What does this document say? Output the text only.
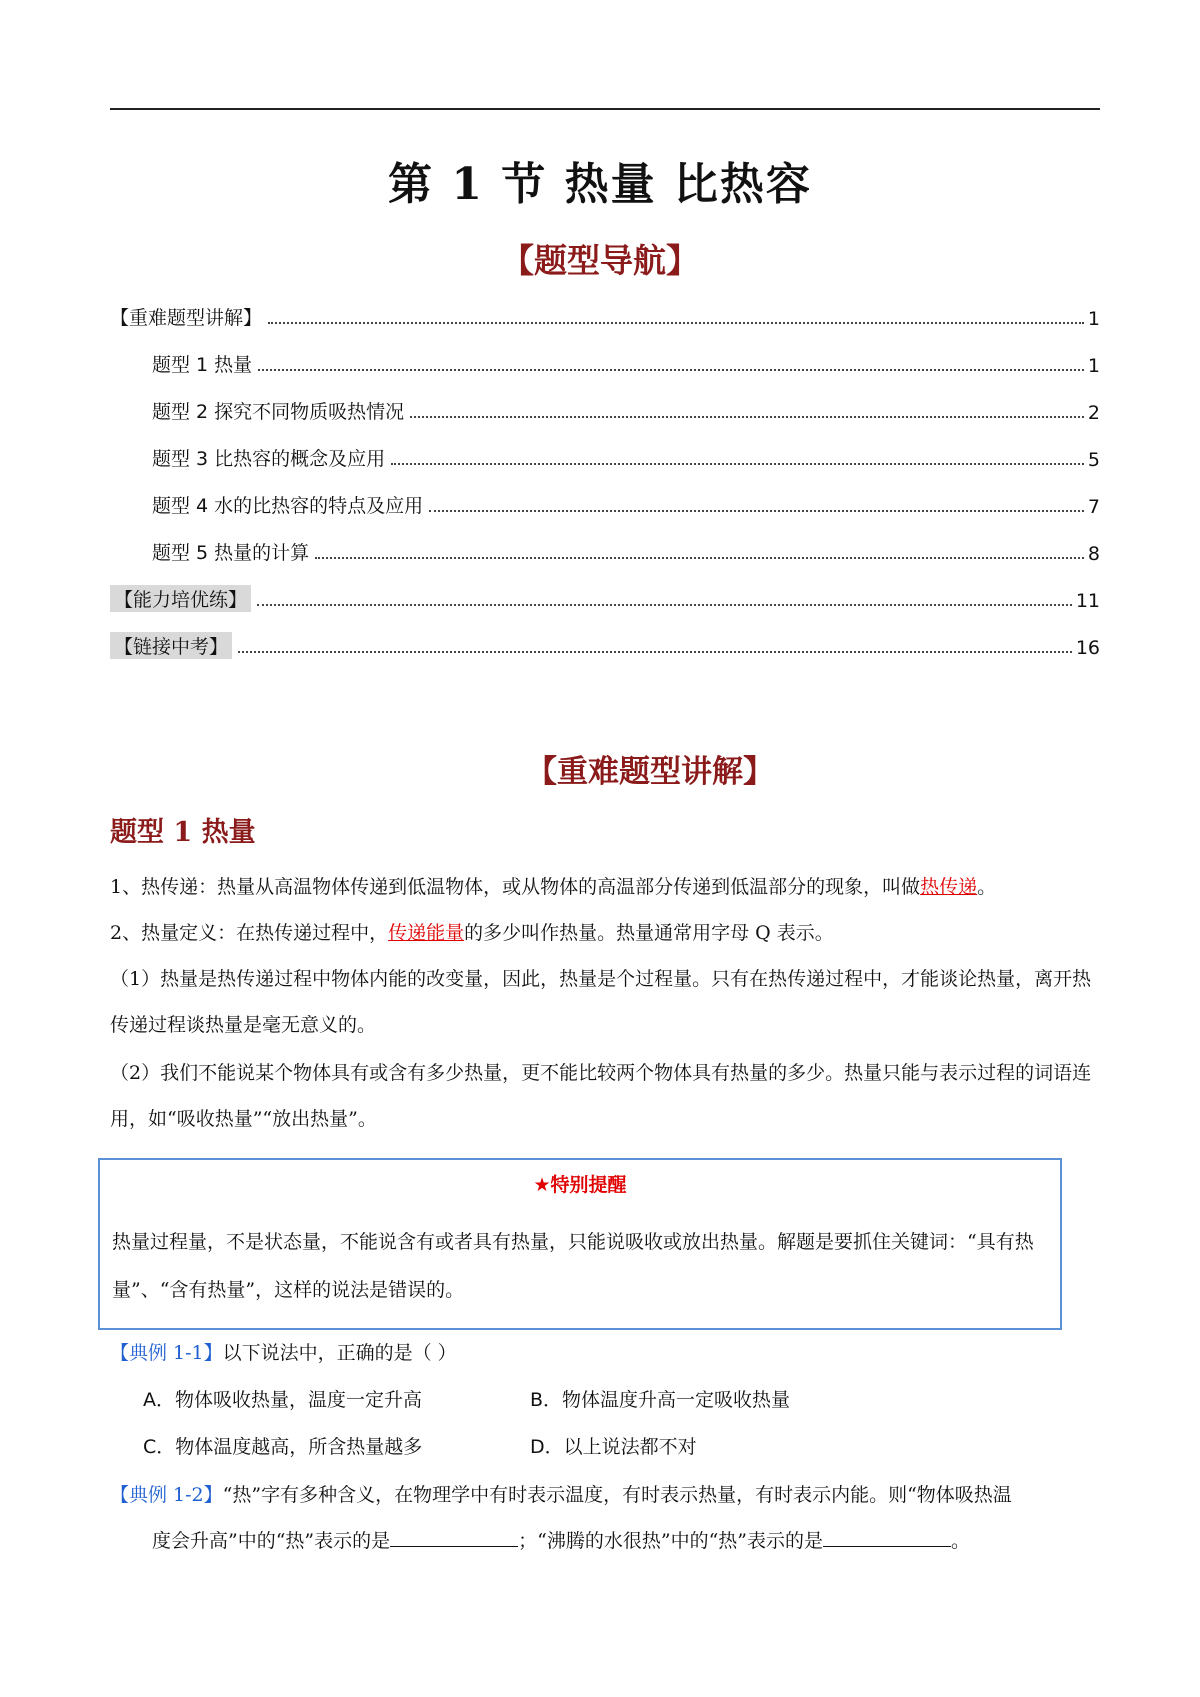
第 1 节 热量 比热容
【题型导航】
【重难题型讲解】	1
题型 1 热量	1
题型 2 探究不同物质吸热情况	2
题型 3 比热容的概念及应用	5
题型 4 水的比热容的特点及应用	7
题型 5 热量的计算	8
【能力培优练】	11
【链接中考】	16
【重难题型讲解】
题型 1 热量
1、热传递：热量从高温物体传递到低温物体，或从物体的高温部分传递到低温部分的现象，叫做热传递。
2、热量定义：在热传递过程中，传递能量的多少叫作热量。热量通常用字母 Q 表示。
（1）热量是热传递过程中物体内能的改变量，因此，热量是个过程量。只有在热传递过程中，才能谈论热量，离开热传递过程谈热量是毫无意义的。
（2）我们不能说某个物体具有或含有多少热量，更不能比较两个物体具有热量的多少。热量只能与表示过程的词语连用，如“吸收热量”“放出热量”。
★特别提醒
热量过程量，不是状态量，不能说含有或者具有热量，只能说吸收或放出热量。解题是要抓住关键词：“具有热量”、“含有热量”，这样的说法是错误的。
【典例 1-1】以下说法中，正确的是（ ）
A．物体吸收热量，温度一定升高	B．物体温度升高一定吸收热量
C．物体温度越高，所含热量越多	D．以上说法都不对
【典例 1-2】“热”字有多种含义，在物理学中有时表示温度，有时表示热量，有时表示内能。则“物体吸热温
度会升高”中的“热”表示的是	；“沸腾的水很热”中的“热”表示的是	。
